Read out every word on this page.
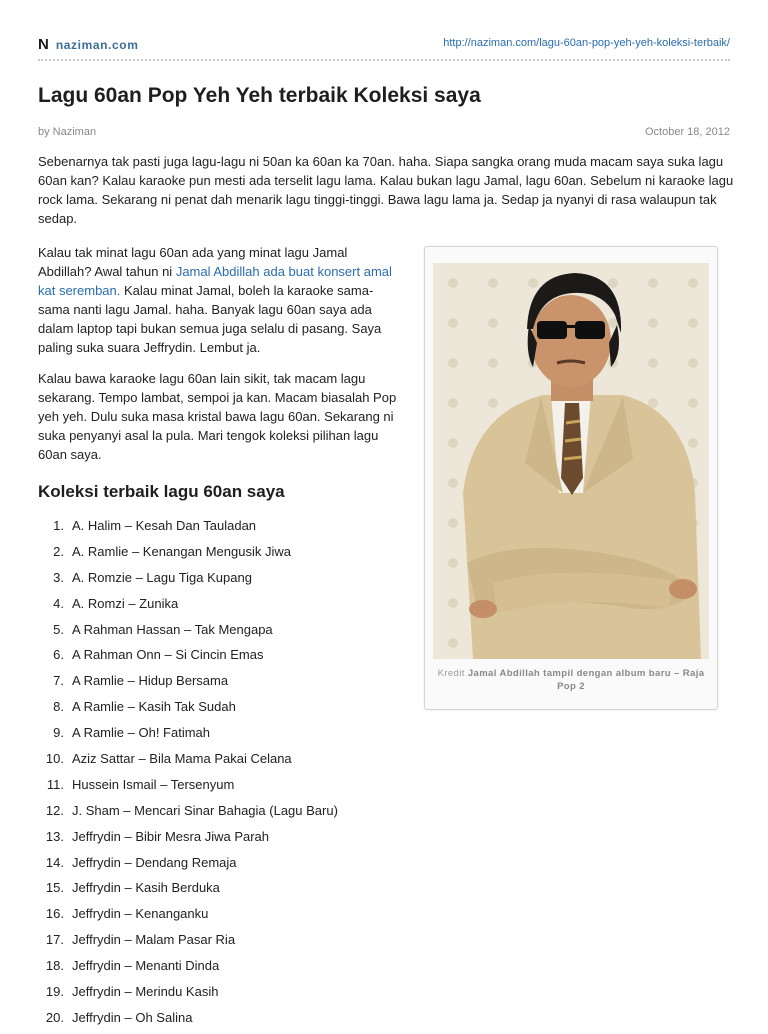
N naziman.com	http://naziman.com/lagu-60an-pop-yeh-yeh-koleksi-terbaik/
Lagu 60an Pop Yeh Yeh terbaik Koleksi saya
by Naziman	October 18, 2012

Sebenarnya tak pasti juga lagu-lagu ni 50an ka 60an ka 70an. haha. Siapa sangka orang muda macam saya suka lagu 60an kan? Kalau karaoke pun mesti ada terselit lagu lama. Kalau bukan lagu Jamal, lagu 60an. Sebelum ni karaoke lagu rock lama. Sekarang ni penat dah menarik lagu tinggi-tinggi. Bawa lagu lama ja. Sedap ja nyanyi di rasa walaupun tak sedap.

Kalau tak minat lagu 60an ada yang minat lagu Jamal Abdillah? Awal tahun ni Jamal Abdillah ada buat konsert amal kat seremban. Kalau minat Jamal, boleh la karaoke sama-sama nanti lagu Jamal. haha. Banyak lagu 60an saya ada dalam laptop tapi bukan semua juga selalu di pasang. Saya paling suka suara Jeffrydin. Lembut ja.

Kalau bawa karaoke lagu 60an lain sikit, tak macam lagu sekarang. Tempo lambat, sempoi ja kan. Macam biasalah Pop yeh yeh. Dulu suka masa kristal bawa lagu 60an. Sekarang ni suka penyanyi asal la pula. Mari tengok koleksi pilihan lagu 60an saya.

Koleksi terbaik lagu 60an saya
1. A. Halim – Kesah Dan Tauladan
2. A. Ramlie – Kenangan Mengusik Jiwa
3. A. Romzie – Lagu Tiga Kupang
4. A. Romzi – Zunika
5. A Rahman Hassan – Tak Mengapa
6. A Rahman Onn – Si Cincin Emas
7. A Ramlie – Hidup Bersama
8. A Ramlie – Kasih Tak Sudah
9. A Ramlie – Oh! Fatimah
10. Aziz Sattar – Bila Mama Pakai Celana
11. Hussein Ismail – Tersenyum
12. J. Sham – Mencari Sinar Bahagia (Lagu Baru)
13. Jeffrydin – Bibir Mesra Jiwa Parah
14. Jeffrydin – Dendang Remaja
15. Jeffrydin – Kasih Berduka
16. Jeffrydin – Kenanganku
17. Jeffrydin – Malam Pasar Ria
18. Jeffrydin – Menanti Dinda
19. Jeffrydin – Merindu Kasih
20. Jeffrydin – Oh Salina
Kredit Jamal Abdillah tampil dengan album baru – Raja Pop 2
